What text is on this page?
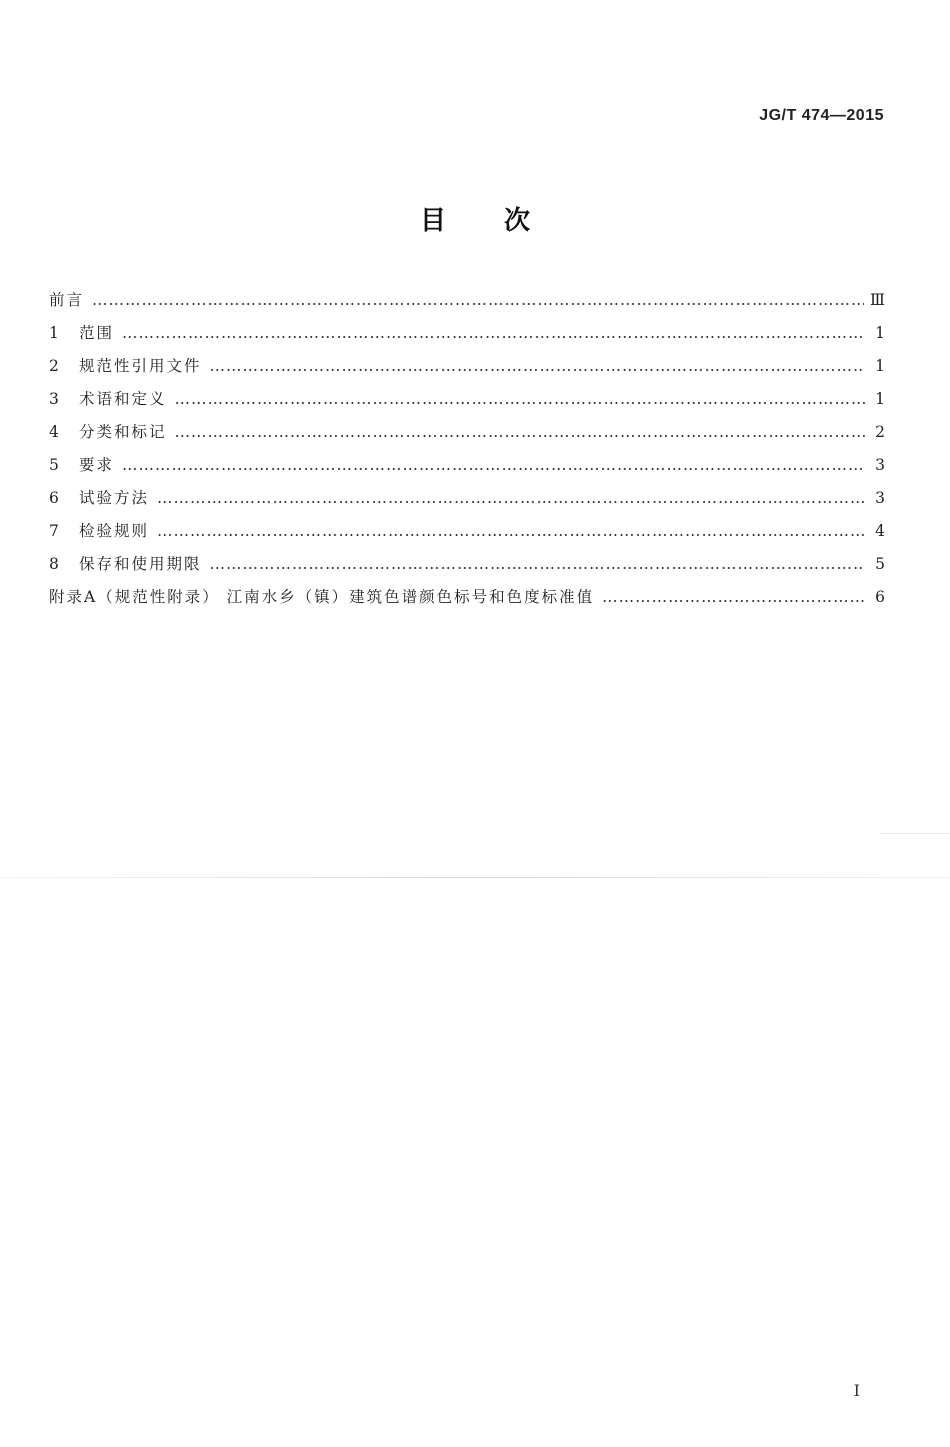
JG/T 474—2015
目次
前言 ………………………………………………………………………………………………………………………………………………………………………………	Ⅲ
1	范围 ………………………………………………………………………………………………………………………………………………………………………………	1
2	规范性引用文件 ………………………………………………………………………………………………………………………………………………………………………………	1
3	术语和定义 ………………………………………………………………………………………………………………………………………………………………………………	1
4	分类和标记 ………………………………………………………………………………………………………………………………………………………………………………	2
5	要求 ………………………………………………………………………………………………………………………………………………………………………………	3
6	试验方法 ………………………………………………………………………………………………………………………………………………………………………………	3
7	检验规则 ………………………………………………………………………………………………………………………………………………………………………………	4
8	保存和使用期限 ………………………………………………………………………………………………………………………………………………………………………………	5
附录A（规范性附录） 江南水乡（镇）建筑色谱颜色标号和色度标准值 ………………………………………………………………………………………………………………………………………………………………………………	6
I
